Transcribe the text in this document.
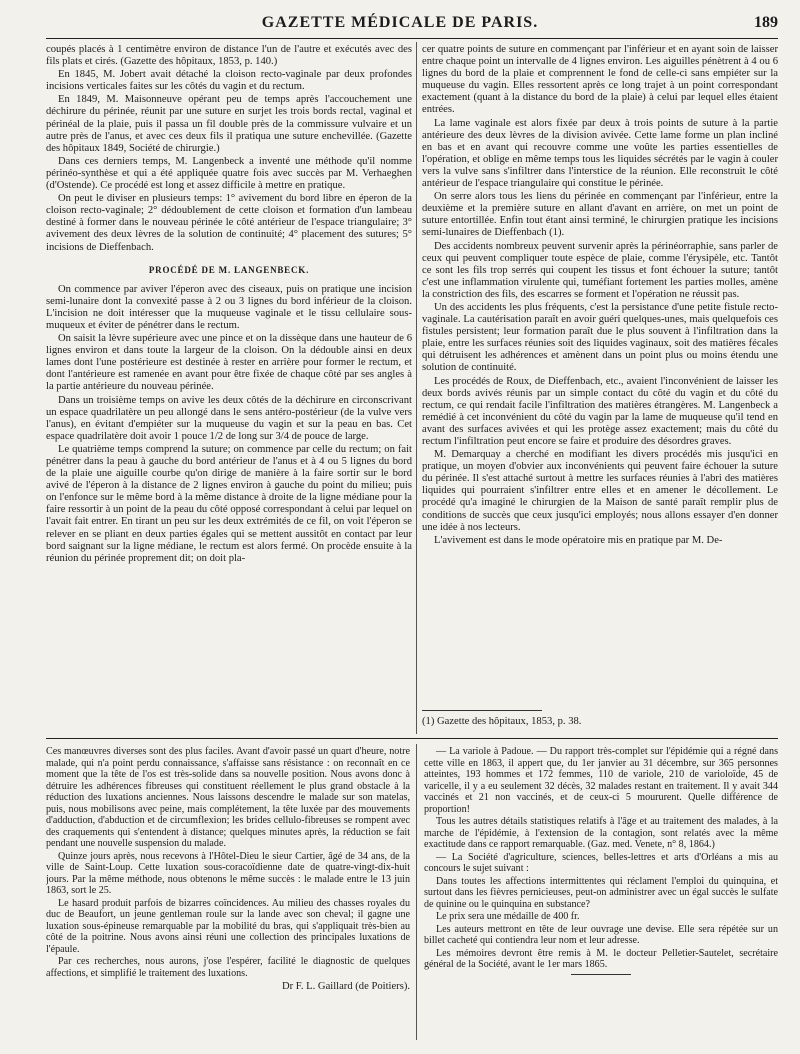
GAZETTE MÉDICALE DE PARIS.	189

coupés placés à 1 centimètre environ de distance l'un de l'autre et exécutés avec des fils plats et cirés. (Gazette des hôpitaux, 1853, p. 140.)

En 1845, M. Jobert avait détaché la cloison recto-vaginale par deux profondes incisions verticales faites sur les côtés du vagin et du rectum.

En 1849, M. Maisonneuve opérant peu de temps après l'accouchement une déchirure du périnée, réunit par une suture en surjet les trois bords rectal, vaginal et périnéal de la plaie, puis il passa un fil double près de la commissure vulvaire et un autre près de l'anus, et avec ces deux fils il pratiqua une suture enchevillée. (Gazette des hôpitaux 1849, Société de chirurgie.)

Dans ces derniers temps, M. Langenbeck a inventé une méthode qu'il nomme périnéo-synthèse et qui a été appliquée quatre fois avec succès par M. Verhaeghen (d'Ostende). Ce procédé est long et assez difficile à mettre en pratique.

On peut le diviser en plusieurs temps: 1° avivement du bord libre en éperon de la cloison recto-vaginale; 2° dédoublement de cette cloison et formation d'un lambeau destiné à former dans le nouveau périnée le côté antérieur de l'espace triangulaire; 3° avivement des deux lèvres de la solution de continuité; 4° placement des sutures; 5° incisions de Dieffenbach.

PROCÉDÉ DE M. LANGENBECK.

On commence par aviver l'éperon avec des ciseaux, puis on pratique une incision semi-lunaire dont la convexité passe à 2 ou 3 lignes du bord inférieur de la cloison. L'incision ne doit intéresser que la muqueuse vaginale et le tissu cellulaire sous-muqueux et éviter de pénétrer dans le rectum.

On saisit la lèvre supérieure avec une pince et on la dissèque dans une hauteur de 6 lignes environ et dans toute la largeur de la cloison. On la dédouble ainsi en deux lames dont l'une postérieure est destinée à rester en arrière pour former le rectum, et dont l'antérieure est ramenée en avant pour être fixée de chaque côté par ses angles à la partie antérieure du nouveau périnée.

Dans un troisième temps on avive les deux côtés de la déchirure en circonscrivant un espace quadrilatère un peu allongé dans le sens antéro-postérieur (de la vulve vers l'anus), en évitant d'empiéter sur la muqueuse du vagin et sur la peau en bas. Cet espace quadrilatère doit avoir 1 pouce 1/2 de long sur 3/4 de pouce de large.

Le quatrième temps comprend la suture; on commence par celle du rectum; on fait pénétrer dans la peau à gauche du bord antérieur de l'anus et à 4 ou 5 lignes du bord de la plaie une aiguille courbe qu'on dirige de manière à la faire sortir sur le bord avivé de l'éperon à la distance de 2 lignes environ à gauche du point du milieu; puis on l'enfonce sur le même bord à la même distance à droite de la ligne médiane pour la faire ressortir à un point de la peau du côté opposé correspondant à celui par lequel on l'avait fait entrer. En tirant un peu sur les deux extrémités de ce fil, on voit l'éperon se relever en se pliant en deux parties égales qui se mettent aussitôt en contact par leur bord saignant sur la ligne médiane, le rectum est alors fermé. On procède ensuite à la réunion du périnée proprement dit; on doit pla-

cer quatre points de suture en commençant par l'inférieur et en ayant soin de laisser entre chaque point un intervalle de 4 lignes environ. Les aiguilles pénètrent à 4 ou 6 lignes du bord de la plaie et comprennent le fond de celle-ci sans empiéter sur la muqueuse du vagin. Elles ressortent après ce long trajet à un point correspondant exactement (quant à la distance du bord de la plaie) à celui par lequel elles étaient entrées.

La lame vaginale est alors fixée par deux à trois points de suture à la partie antérieure des deux lèvres de la division avivée. Cette lame forme un plan incliné en bas et en avant qui recouvre comme une voûte les parties essentielles de l'opération, et oblige en même temps tous les liquides sécrétés par le vagin à couler vers la vulve sans s'infiltrer dans l'interstice de la réunion. Elle reconstruit le côté antérieur de l'espace triangulaire qui constitue le périnée.

On serre alors tous les liens du périnée en commençant par l'inférieur, entre la deuxième et la première suture en allant d'avant en arrière, on met un point de suture entortillée. Enfin tout étant ainsi terminé, le chirurgien pratique les incisions semi-lunaires de Dieffenbach (1).

Des accidents nombreux peuvent survenir après la périnéorraphie, sans parler de ceux qui peuvent compliquer toute espèce de plaie, comme l'érysipèle, etc. Tantôt ce sont les fils trop serrés qui coupent les tissus et font échouer la suture; tantôt c'est une inflammation virulente qui, tuméfiant fortement les parties molles, amène la constriction des fils, des escarres se forment et l'opération ne réussit pas.

Un des accidents les plus fréquents, c'est la persistance d'une petite fistule recto-vaginale. La cautérisation paraît en avoir guéri quelques-unes, mais quelquefois ces fistules persistent; leur formation paraît due le plus souvent à l'infiltration dans la plaie, entre les surfaces réunies soit des liquides vaginaux, soit des matières fécales qui détruisent les adhérences et amènent dans un point plus ou moins étendu une solution de continuité.

Les procédés de Roux, de Dieffenbach, etc., avaient l'inconvénient de laisser les deux bords avivés réunis par un simple contact du côté du vagin et du côté du rectum, ce qui rendait facile l'infiltration des matières étrangères. M. Langenbeck a remédié à cet inconvénient du côté du vagin par la lame de muqueuse qu'il tend en avant des surfaces avivées et qui les protège assez exactement; mais du côté du rectum l'infiltration peut encore se faire et produire des désordres graves.

M. Demarquay a cherché en modifiant les divers procédés mis jusqu'ici en pratique, un moyen d'obvier aux inconvénients qui peuvent faire échouer la suture du périnée. Il s'est attaché surtout à mettre les surfaces réunies à l'abri des matières liquides qui pourraient s'infiltrer entre elles et en amener le décollement. Le procédé qu'a imaginé le chirurgien de la Maison de santé paraît remplir plus de conditions de succès que ceux jusqu'ici employés; nous allons essayer d'en donner une idée à nos lecteurs.

L'avivement est dans le mode opératoire mis en pratique par M. De-

(1) Gazette des hôpitaux, 1853, p. 38.

Ces manœuvres diverses sont des plus faciles. Avant d'avoir passé un quart d'heure, notre malade, qui n'a point perdu connaissance, s'affaisse sans résistance : on reconnaît en ce moment que la tête de l'os est très-solide dans sa nouvelle position. Nous avons donc à détruire les adhérences fibreuses qui constituent réellement le plus grand obstacle à la réduction des luxations anciennes. Nous laissons descendre le malade sur son matelas, puis, nous mobilisons avec peine, mais complétement, la tête luxée par des mouvements d'adduction, d'abduction et de circumflexion; les brides cellulo-fibreuses se rompent avec des craquements qui s'entendent à distance; quelques minutes après, la réduction se fait pendant une nouvelle suspension du malade.

Quinze jours après, nous recevons à l'Hôtel-Dieu le sieur Cartier, âgé de 34 ans, de la ville de Saint-Loup. Cette luxation sous-coracoïdienne date de quatre-vingt-dix-huit jours. Par la même méthode, nous obtenons le même succès : le malade entre le 13 juin 1863, sort le 25.

Le hasard produit parfois de bizarres coïncidences. Au milieu des chasses royales du duc de Beaufort, un jeune gentleman roule sur la lande avec son cheval; il gagne une luxation sous-épineuse remarquable par la mobilité du bras, qui s'appliquait très-bien au côté de la poitrine. Nous avons ainsi réuni une collection des principales luxations de l'épaule.

Par ces recherches, nous aurons, j'ose l'espérer, facilité le diagnostic de quelques affections, et simplifié le traitement des luxations.

Dr F. L. Gaillard (de Poitiers).

— La variole à Padoue. — Du rapport très-complet sur l'épidémie qui a régné dans cette ville en 1863, il appert que, du 1er janvier au 31 décembre, sur 365 personnes atteintes, 193 hommes et 172 femmes, 110 de variole, 210 de varioloïde, 45 de varicelle, il y a eu seulement 32 décès, 32 malades restant en traitement. Il y avait 344 vaccinés et 21 non vaccinés, et de ceux-ci 5 moururent. Quelle différence de proportion!

Tous les autres détails statistiques relatifs à l'âge et au traitement des malades, à la marche de l'épidémie, à l'extension de la contagion, sont relatés avec la même exactitude dans ce rapport remarquable. (Gaz. med. Venete, n° 8, 1864.)

— La Société d'agriculture, sciences, belles-lettres et arts d'Orléans a mis au concours le sujet suivant :

Dans toutes les affections intermittentes qui réclament l'emploi du quinquina, et surtout dans les fièvres pernicieuses, peut-on administrer avec un égal succès le sulfate de quinine ou le quinquina en substance?

Le prix sera une médaille de 400 fr.

Les auteurs mettront en tête de leur ouvrage une devise. Elle sera répétée sur un billet cacheté qui contiendra leur nom et leur adresse.

Les mémoires devront être remis à M. le docteur Pelletier-Sautelet, secrétaire général de la Société, avant le 1er mars 1865.
